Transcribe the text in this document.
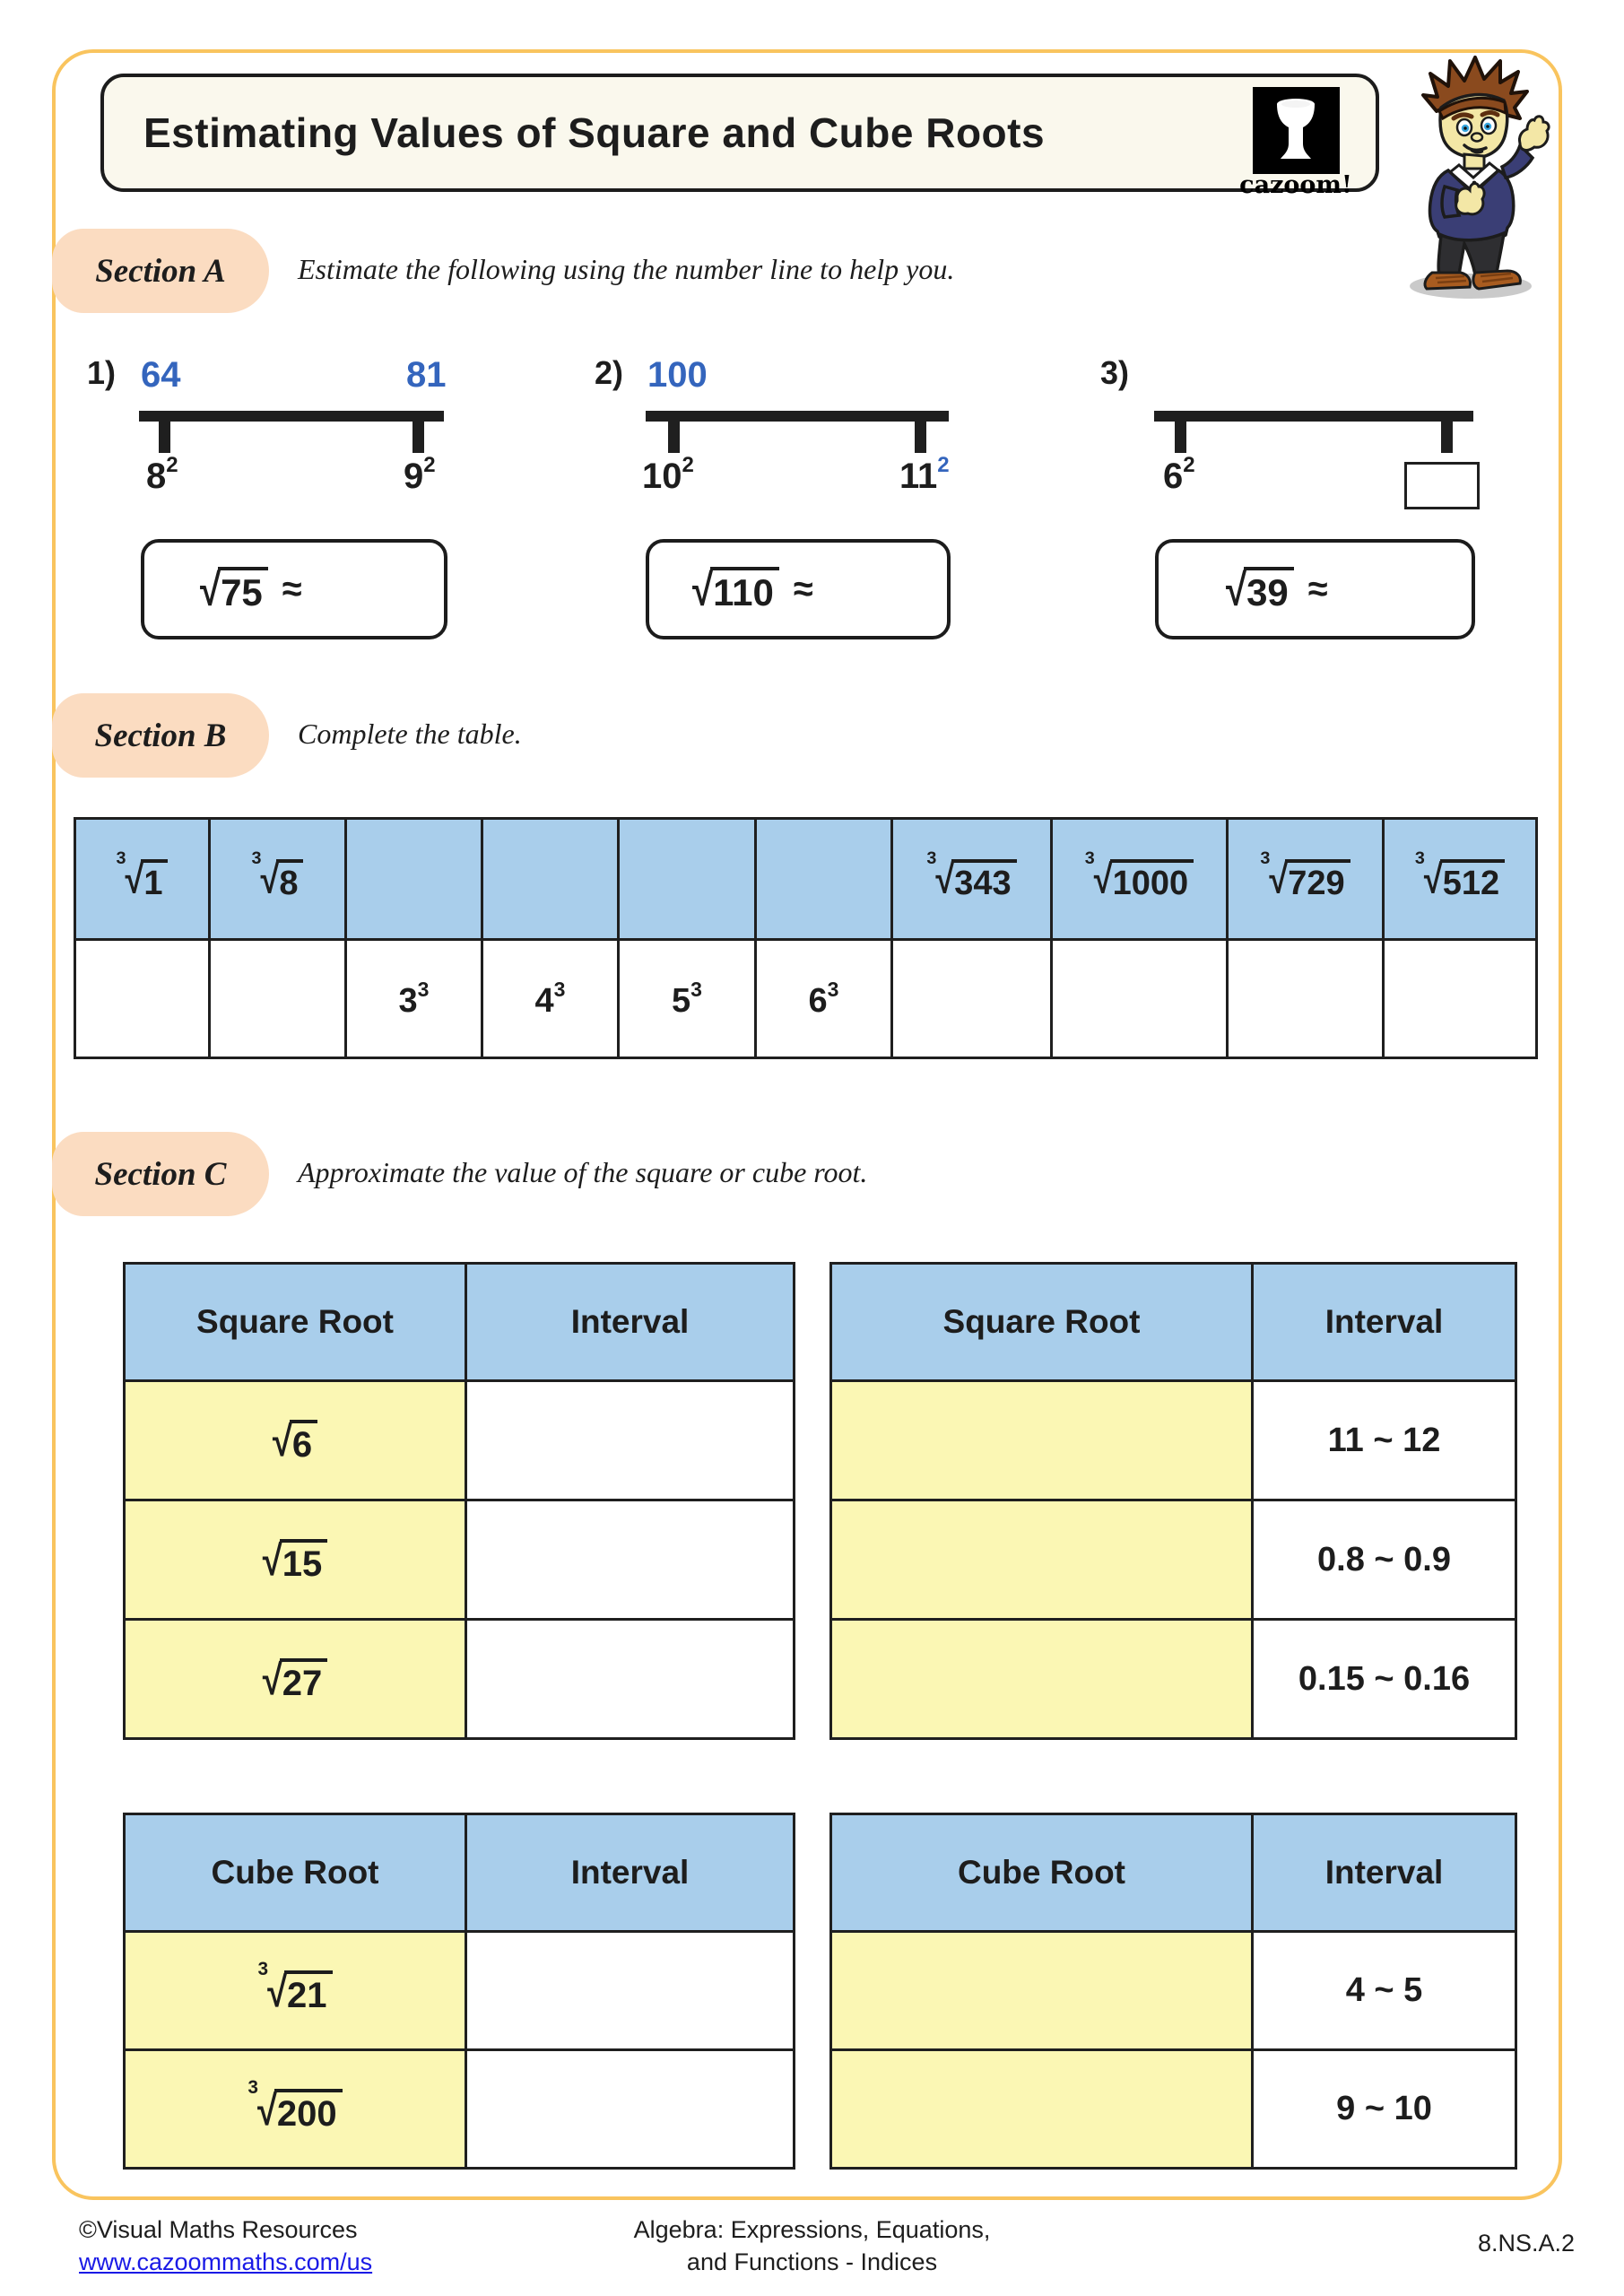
Estimating Values of Square and Cube Roots
cazoom!
Section A	Estimate the following using the number line to help you.
1) 64	81
$8^2$	$9^2$
√ 75 ≈
2) 100
$10^2$	$11^2$
√ 110 ≈
3)
$6^2$
√ 39 ≈
Section B Complete the table.
$^3$ √ 1	$^3$ √ 8					$^3$ √ 343	$^3$ √ 1000	$^3$ √ 729	$^3$ √ 512

		$3^3$	$4^3$	$5^3$	$6^3$				
Section C Approximate the value of the square or cube root.
Square Root	Interval

√ 6	

√ 15	

√ 27	

Square Root	Interval
	11 ~ 12
	0.8 ~ 0.9
	0.15 ~ 0.16
Cube Root	Interval
$^3$ √ 21	

$^3$ √ 200	

Cube Root	Interval
	4 ~ 5
	9 ~ 10
©Visual Maths Resources
www.cazoommaths.com/us
Algebra: Expressions, Equations,
and Functions - Indices
8.NS.A.2
